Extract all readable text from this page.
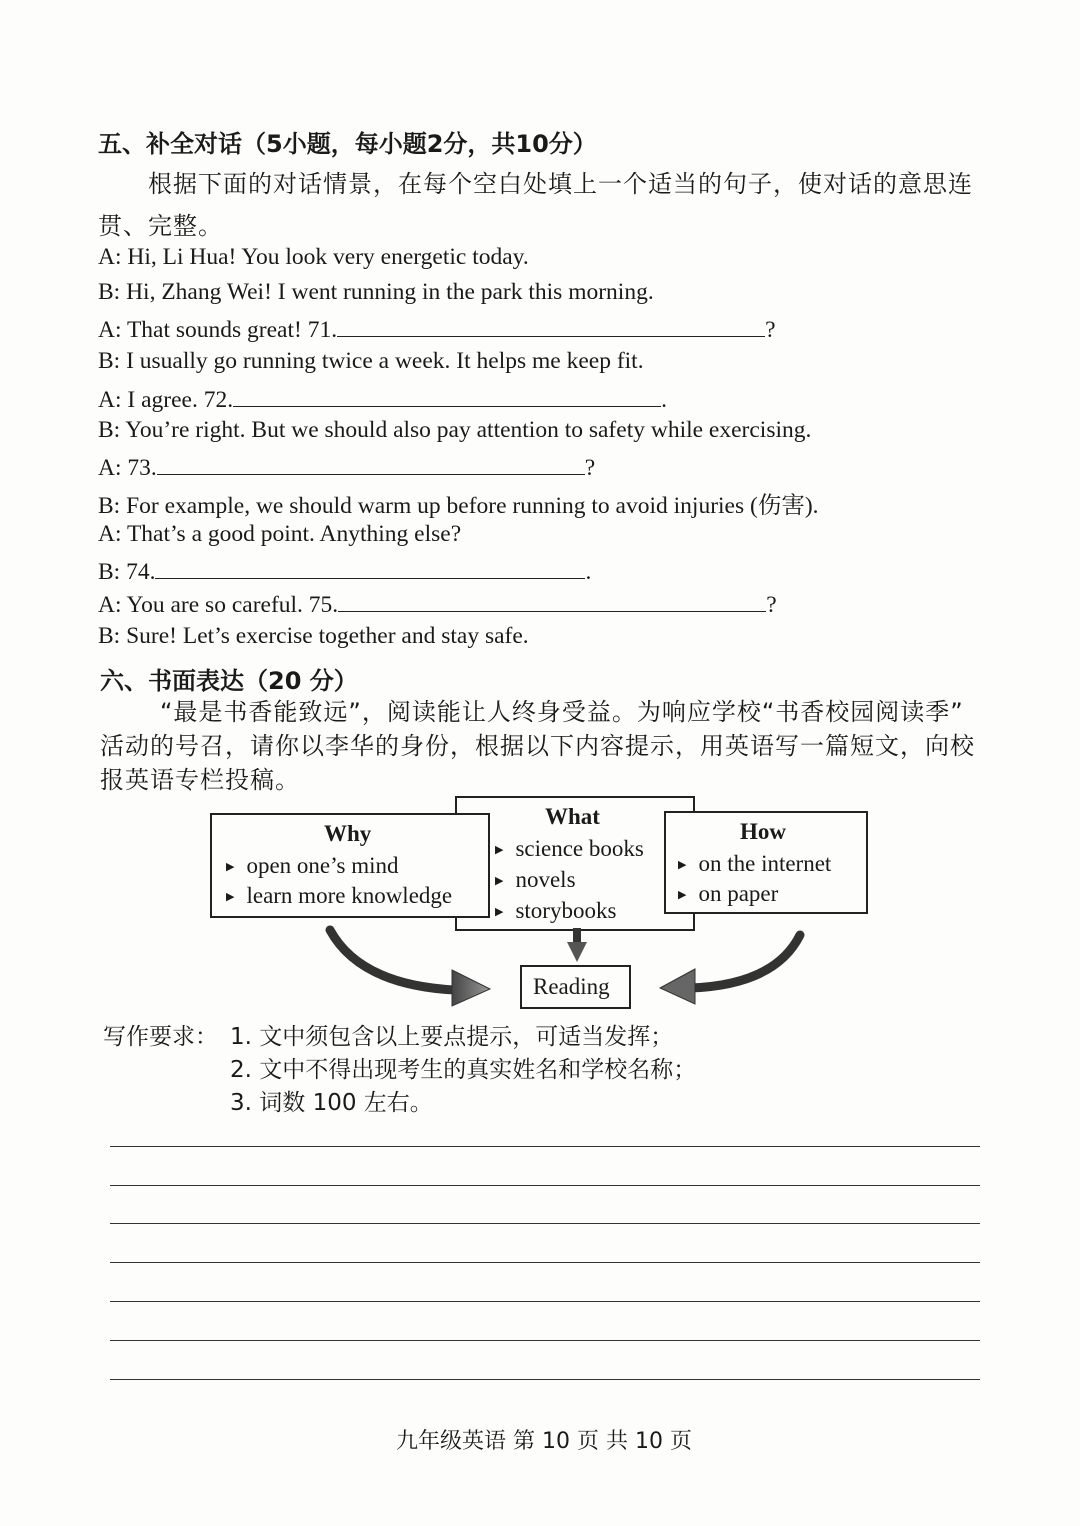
五、补全对话（5小题，每小题2分，共10分）
根据下面的对话情景，在每个空白处填上一个适当的句子，使对话的意思连
贯、完整。
A: Hi, Li Hua! You look very energetic today.
B: Hi, Zhang Wei! I went running in the park this morning.
A: That sounds great! 71.	?
B: I usually go running twice a week. It helps me keep fit.
A: I agree. 72.	.
B: You’re right. But we should also pay attention to safety while exercising.
A: 73.	?
B: For example, we should warm up before running to avoid injuries (伤害).
A: That’s a good point. Anything else?
B: 74.	.
A: You are so careful. 75.	?
B: Sure! Let’s exercise together and stay safe.
六、书面表达（20 分）
“最是书香能致远”，阅读能让人终身受益。为响应学校“书香校园阅读季”
活动的号召，请你以李华的身份，根据以下内容提示，用英语写一篇短文，向校
报英语专栏投稿。
What
▶ science books
▶ novels
▶ storybooks
Why
▶ open one’s mind
▶ learn more knowledge
How
▶ on the internet
▶ on paper
Reading
写作要求： 1. 文中须包含以上要点提示，可适当发挥；
2. 文中不得出现考生的真实姓名和学校名称；
3. 词数 100 左右。
九年级英语 第 10 页 共 10 页
